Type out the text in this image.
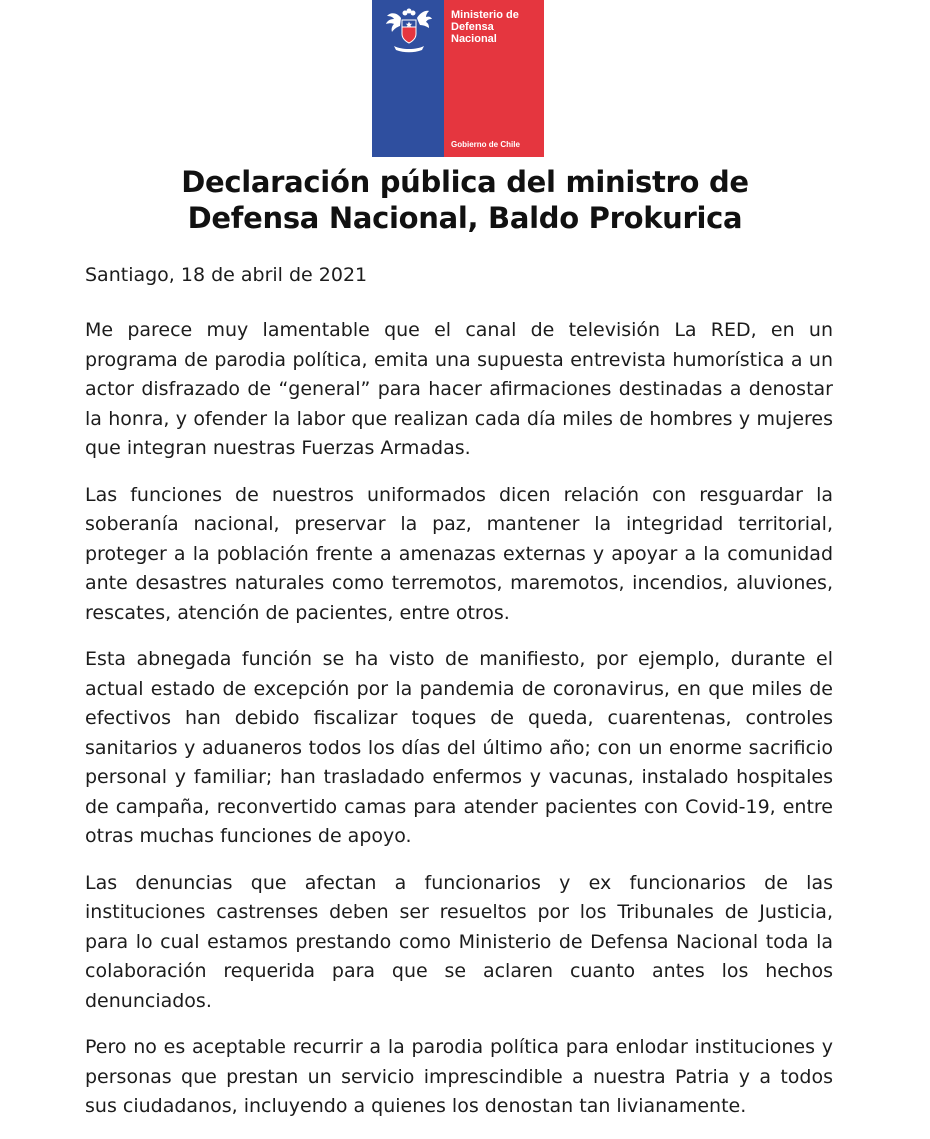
Ministerio de
Defensa
Nacional
Gobierno de Chile
Declaración pública del ministro de
Defensa Nacional, Baldo Prokurica
Santiago, 18 de abril de 2021

Me parece muy lamentable que el canal de televisión La RED, en un programa de parodia política, emita una supuesta entrevista humorística a un actor disfrazado de “general” para hacer afirmaciones destinadas a denostar la honra, y ofender la labor que realizan cada día miles de hombres y mujeres que integran nuestras Fuerzas Armadas.

Las funciones de nuestros uniformados dicen relación con resguardar la soberanía nacional, preservar la paz, mantener la integridad territorial, proteger a la población frente a amenazas externas y apoyar a la comunidad ante desastres naturales como terremotos, maremotos, incendios, aluviones, rescates, atención de pacientes, entre otros.

Esta abnegada función se ha visto de manifiesto, por ejemplo, durante el actual estado de excepción por la pandemia de coronavirus, en que miles de efectivos han debido fiscalizar toques de queda, cuarentenas, controles sanitarios y aduaneros todos los días del último año; con un enorme sacrificio personal y familiar; han trasladado enfermos y vacunas, instalado hospitales de campaña, reconvertido camas para atender pacientes con Covid-19, entre otras muchas funciones de apoyo.

Las denuncias que afectan a funcionarios y ex funcionarios de las instituciones castrenses deben ser resueltos por los Tribunales de Justicia, para lo cual estamos prestando como Ministerio de Defensa Nacional toda la colaboración requerida para que se aclaren cuanto antes los hechos denunciados.

Pero no es aceptable recurrir a la parodia política para enlodar instituciones y personas que prestan un servicio imprescindible a nuestra Patria y a todos sus ciudadanos, incluyendo a quienes los denostan tan livianamente.
